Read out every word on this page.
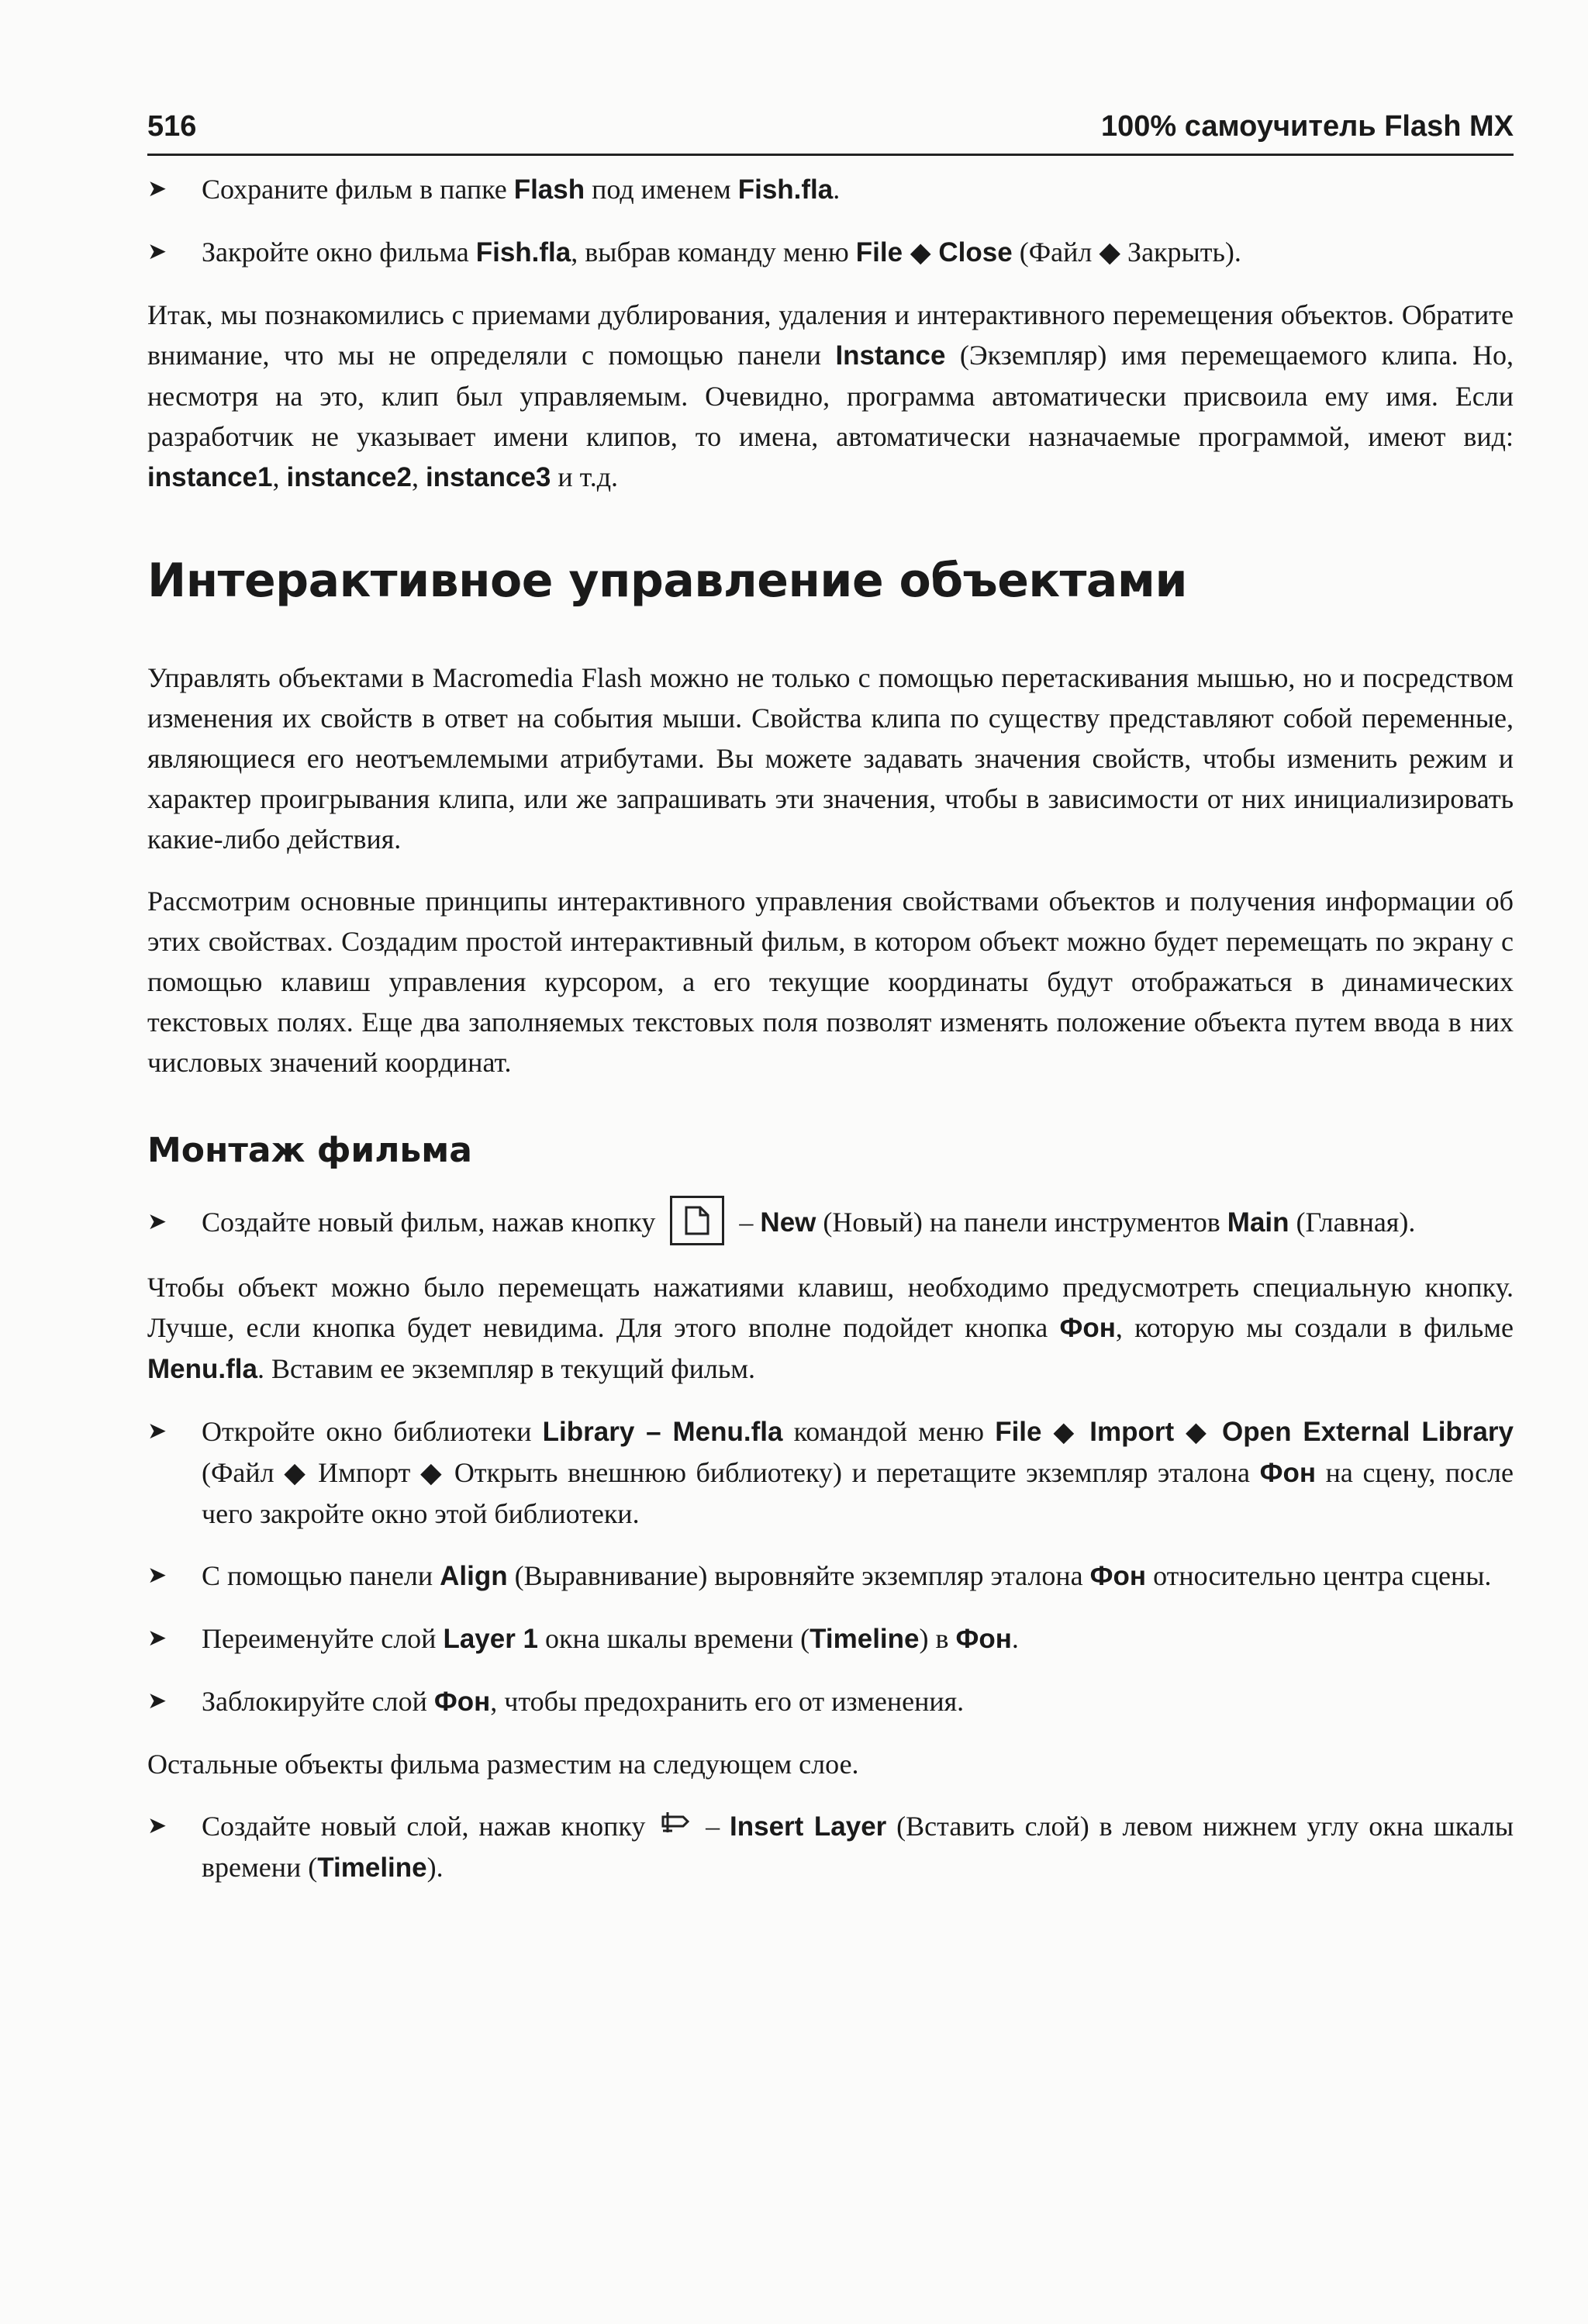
516	100% самоучитель Flash MX

➤ Сохраните фильм в папке Flash под именем Fish.fla.

➤ Закройте окно фильма Fish.fla, выбрав команду меню File ◆ Close (Файл ◆ Закрыть).

Итак, мы познакомились с приемами дублирования, удаления и интерактивного перемещения объектов. Обратите внимание, что мы не определяли с помощью панели Instance (Экземпляр) имя перемещаемого клипа. Но, несмотря на это, клип был управляемым. Очевидно, программа автоматически присвоила ему имя. Если разработчик не указывает имени клипов, то имена, автоматически назначаемые программой, имеют вид: instance1, instance2, instance3 и т.д.

Интерактивное управление объектами

Управлять объектами в Macromedia Flash можно не только с помощью перетаскивания мышью, но и посредством изменения их свойств в ответ на события мыши. Свойства клипа по существу представляют собой переменные, являющиеся его неотъемлемыми атрибутами. Вы можете задавать значения свойств, чтобы изменить режим и характер проигрывания клипа, или же запрашивать эти значения, чтобы в зависимости от них инициализировать какие-либо действия.

Рассмотрим основные принципы интерактивного управления свойствами объектов и получения информации об этих свойствах. Создадим простой интерактивный фильм, в котором объект можно будет перемещать по экрану с помощью клавиш управления курсором, а его текущие координаты будут отображаться в динамических текстовых полях. Еще два заполняемых текстовых поля позволят изменять положение объекта путем ввода в них числовых значений координат.

Монтаж фильма

➤ Создайте новый фильм, нажав кнопку	– New (Новый) на панели инструментов Main (Главная).

Чтобы объект можно было перемещать нажатиями клавиш, необходимо предусмотреть специальную кнопку. Лучше, если кнопка будет невидима. Для этого вполне подойдет кнопка Фон, которую мы создали в фильме Menu.fla. Вставим ее экземпляр в текущий фильм.

➤ Откройте окно библиотеки Library – Menu.fla командой меню File ◆ Import ◆ Open External Library (Файл ◆ Импорт ◆ Открыть внешнюю библиотеку) и перетащите экземпляр эталона Фон на сцену, после чего закройте окно этой библиотеки.

➤ С помощью панели Align (Выравнивание) выровняйте экземпляр эталона Фон относительно центра сцены.

➤ Переименуйте слой Layer 1 окна шкалы времени (Timeline) в Фон.

➤ Заблокируйте слой Фон, чтобы предохранить его от изменения.

Остальные объекты фильма разместим на следующем слое.

➤ Создайте новый слой, нажав кнопку  – Insert Layer (Вставить слой) в левом нижнем углу окна шкалы времени (Timeline).
